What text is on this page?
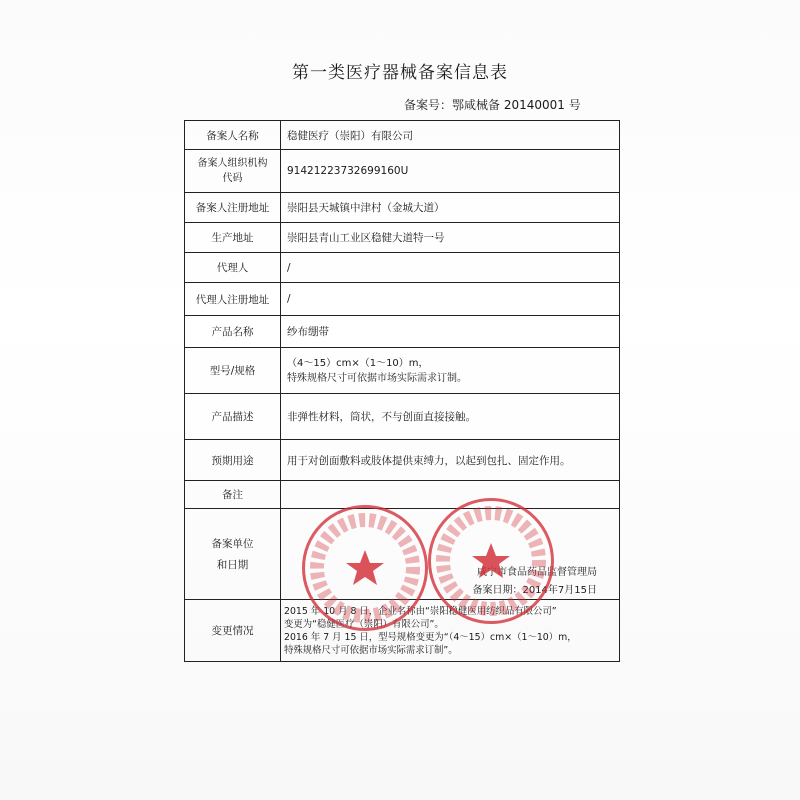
第一类医疗器械备案信息表
备案号：鄂咸械备 20140001 号
备案人名称	稳健医疗（崇阳）有限公司

备案人组织机构
代码	91421223732699160U
备案人注册地址	崇阳县天城镇中津村（金城大道）
生产地址	崇阳县青山工业区稳健大道特一号
代理人	/
代理人注册地址	/
产品名称	纱布绷带
型号/规格	（4～15）cm×（1～10）m，
特殊规格尺寸可依据市场实际需求订制。

产品描述	非弹性材料，筒状，不与创面直接接触。
预期用途	用于对创面敷料或肢体提供束缚力，以起到包扎、固定作用。
备注	

备案单位
和日期	咸宁市食品药品监督管理局
备案日期：2014年7月15日

变更情况	2015 年 10 月 8 日，企业名称由“崇阳稳健医用纺织品有限公司”
变更为“稳健医疗（崇阳）有限公司”。
2016 年 7 月 15 日，型号规格变更为“（4～15）cm×（1～10）m，
特殊规格尺寸可依据市场实际需求订制”。
